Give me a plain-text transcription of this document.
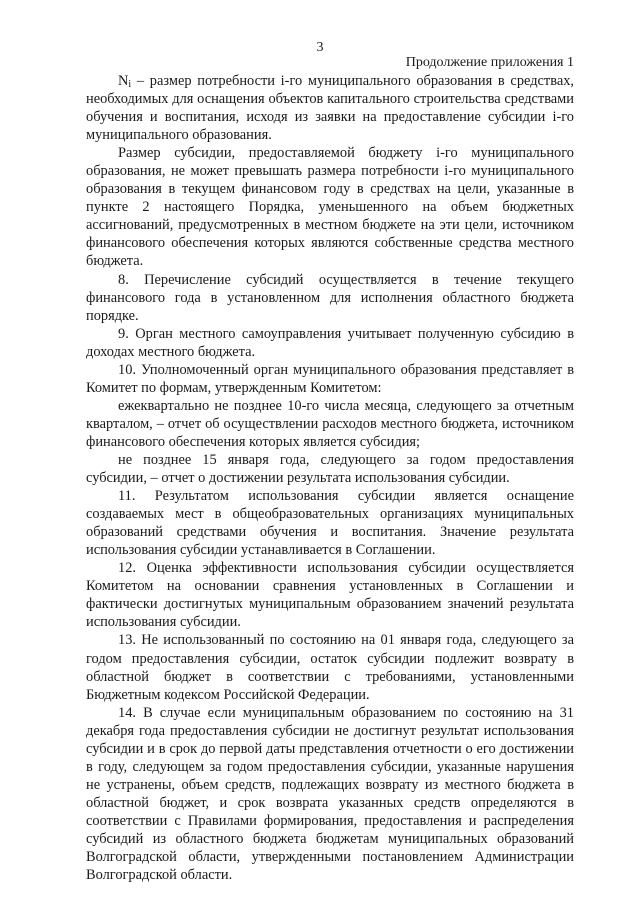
3
Продолжение приложения 1

$N_i$ – размер потребности i-го муниципального образования в средствах, необходимых для оснащения объектов капитального строительства средствами обучения и воспитания, исходя из заявки на предоставление субсидии i-го муниципального образования.

Размер субсидии, предоставляемой бюджету i-го муниципального образования, не может превышать размера потребности i-го муниципального образования в текущем финансовом году в средствах на цели, указанные в пункте 2 настоящего Порядка, уменьшенного на объем бюджетных ассигнований, предусмотренных в местном бюджете на эти цели, источником финансового обеспечения которых являются собственные средства местного бюджета.

8. Перечисление субсидий осуществляется в течение текущего финансового года в установленном для исполнения областного бюджета порядке.

9. Орган местного самоуправления учитывает полученную субсидию в доходах местного бюджета.

10. Уполномоченный орган муниципального образования представляет в Комитет по формам, утвержденным Комитетом:

ежеквартально не позднее 10-го числа месяца, следующего за отчетным кварталом, – отчет об осуществлении расходов местного бюджета, источником финансового обеспечения которых является субсидия;

не позднее 15 января года, следующего за годом предоставления субсидии, – отчет о достижении результата использования субсидии.

11. Результатом использования субсидии является оснащение создаваемых мест в общеобразовательных организациях муниципальных образований средствами обучения и воспитания. Значение результата использования субсидии устанавливается в Соглашении.

12. Оценка эффективности использования субсидии осуществляется Комитетом на основании сравнения установленных в Соглашении и фактически достигнутых муниципальным образованием значений результата использования субсидии.

13. Не использованный по состоянию на 01 января года, следующего за годом предоставления субсидии, остаток субсидии подлежит возврату в областной бюджет в соответствии с требованиями, установленными Бюджетным кодексом Российской Федерации.

14. В случае если муниципальным образованием по состоянию на 31 декабря года предоставления субсидии не достигнут результат использования субсидии и в срок до первой даты представления отчетности о его достижении в году, следующем за годом предоставления субсидии, указанные нарушения не устранены, объем средств, подлежащих возврату из местного бюджета в областной бюджет, и срок возврата указанных средств определяются в соответствии с Правилами формирования, предоставления и распределения субсидий из областного бюджета бюджетам муниципальных образований Волгоградской области, утвержденными постановлением Администрации Волгоградской области.
